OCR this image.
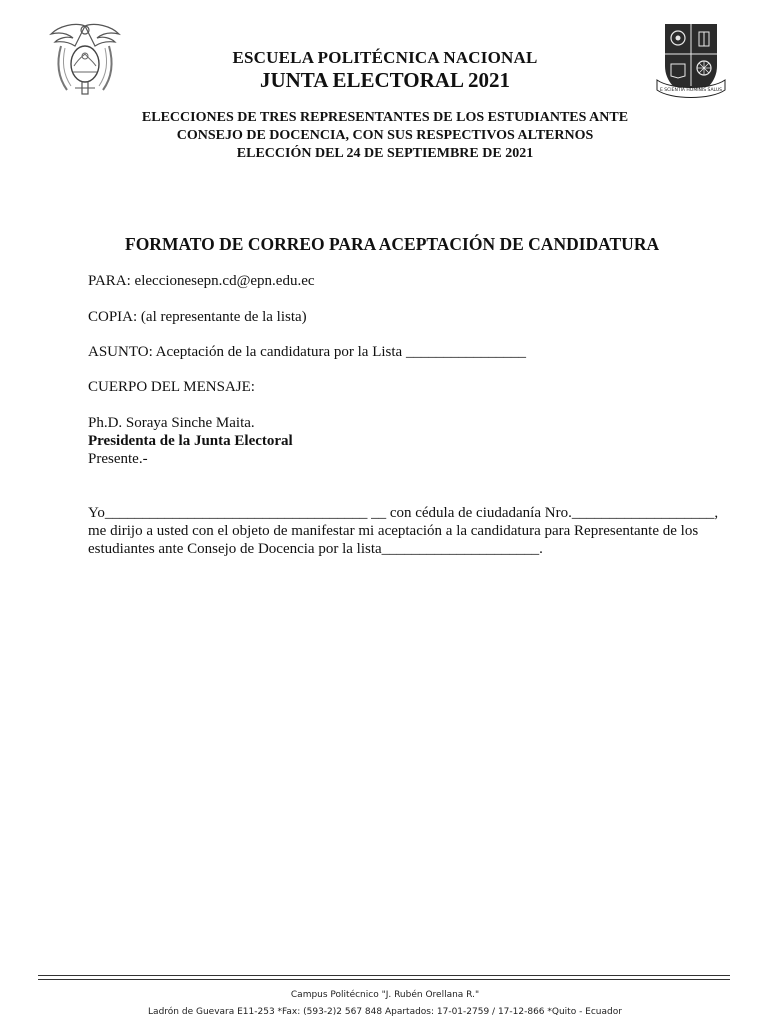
E SCIENTIA HOMINIS SALUS
ESCUELA POLITÉCNICA NACIONAL
JUNTA ELECTORAL 2021
ELECCIONES DE TRES REPRESENTANTES DE LOS ESTUDIANTES ANTE
CONSEJO DE DOCENCIA, CON SUS RESPECTIVOS ALTERNOS
ELECCIÓN DEL 24 DE SEPTIEMBRE DE 2021
FORMATO DE CORREO PARA ACEPTACIÓN DE CANDIDATURA
PARA: eleccionesepn.cd@epn.edu.ec
COPIA: (al representante de la lista)
ASUNTO: Aceptación de la candidatura por la Lista ________________
CUERPO DEL MENSAJE:
Ph.D. Soraya Sinche Maita.
Presidenta de la Junta Electoral
Presente.-
Yo___________________________________ __ con cédula de ciudadanía Nro.___________________,
me dirijo a usted con el objeto de manifestar mi aceptación a la candidatura para Representante de los
estudiantes ante Consejo de Docencia por la lista_____________________.
Campus Politécnico "J. Rubén Orellana R."
Ladrón de Guevara E11-253 *Fax: (593-2)2 567 848 Apartados: 17-01-2759 / 17-12-866 *Quito - Ecuador
